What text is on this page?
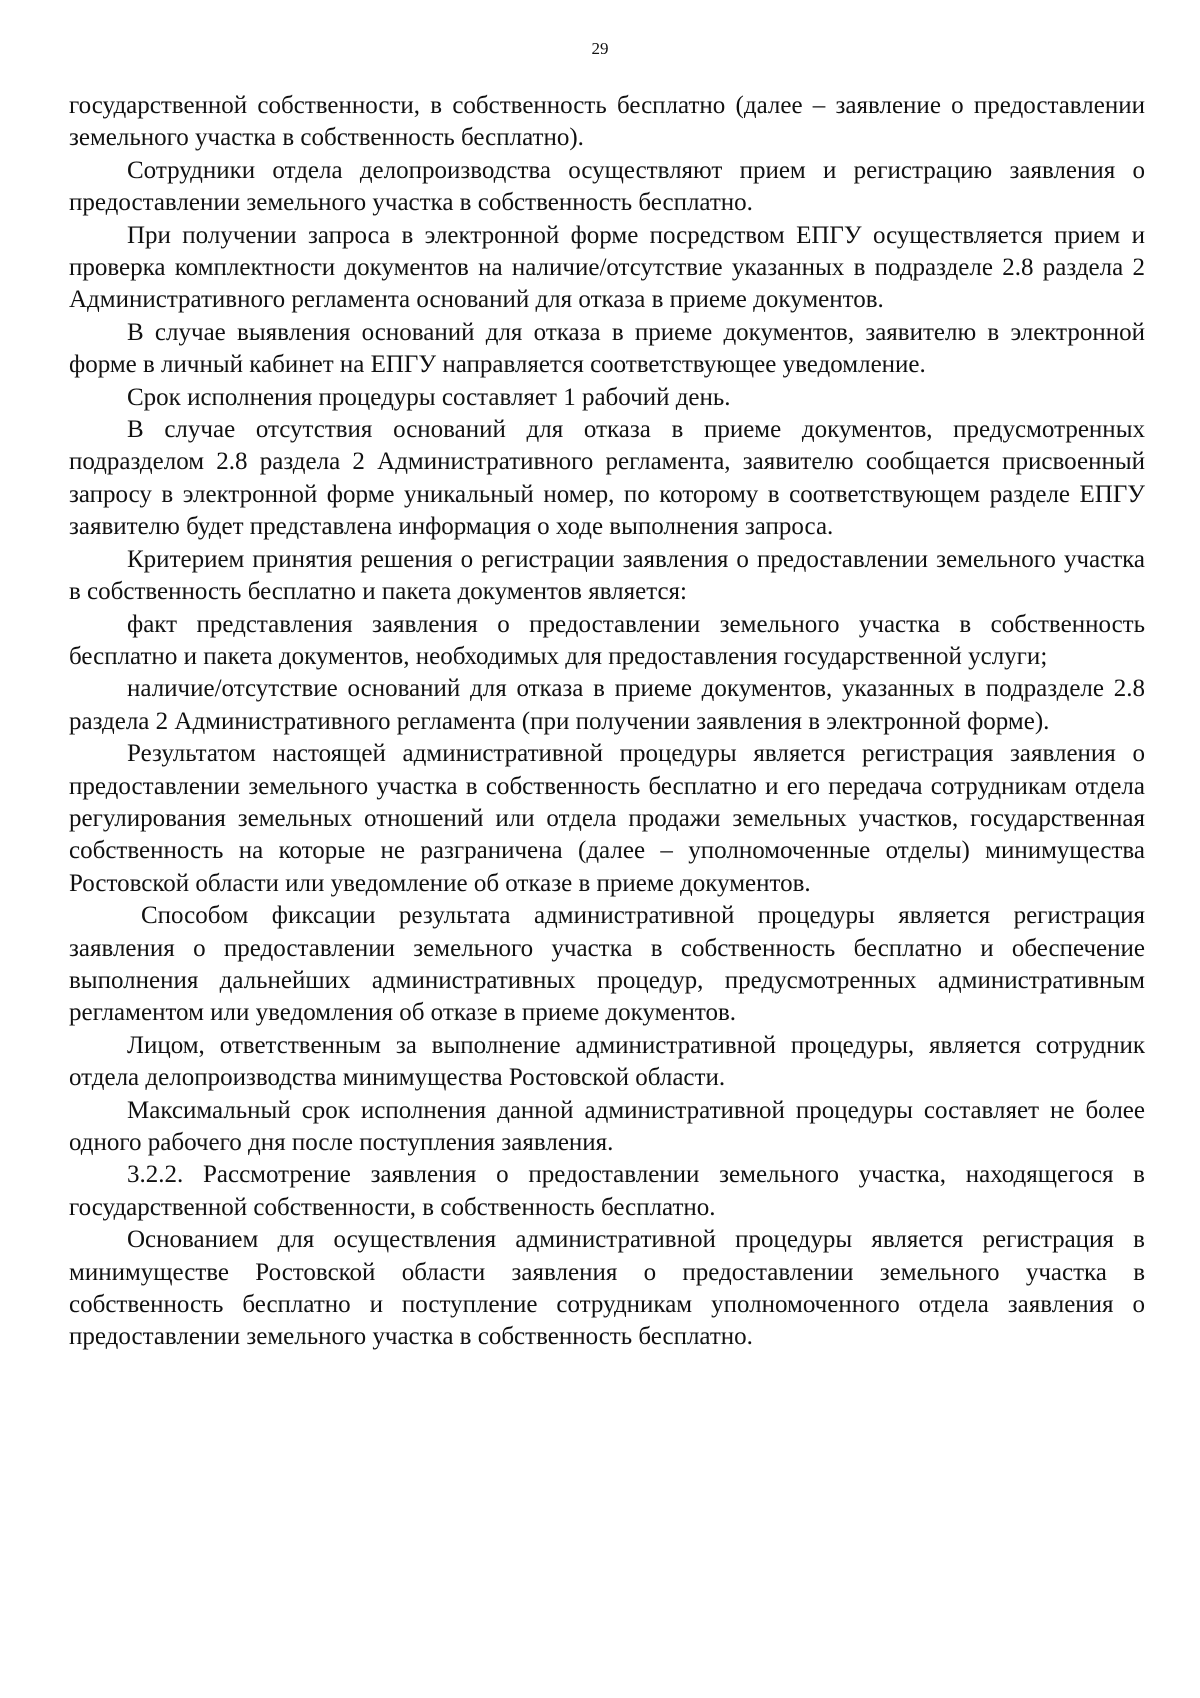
29

государственной собственности, в собственность бесплатно (далее – заявление о предоставлении земельного участка в собственность бесплатно).

Сотрудники отдела делопроизводства осуществляют прием и регистрацию заявления о предоставлении земельного участка в собственность бесплатно.

При получении запроса в электронной форме посредством ЕПГУ осуществляется прием и проверка комплектности документов на наличие/отсутствие указанных в подразделе 2.8 раздела 2 Административного регламента оснований для отказа в приеме документов.

В случае выявления оснований для отказа в приеме документов, заявителю в электронной форме в личный кабинет на ЕПГУ направляется соответствующее уведомление.

Срок исполнения процедуры составляет 1 рабочий день.

В случае отсутствия оснований для отказа в приеме документов, предусмотренных подразделом 2.8 раздела 2 Административного регламента, заявителю сообщается присвоенный запросу в электронной форме уникальный номер, по которому в соответствующем разделе ЕПГУ заявителю будет представлена информация о ходе выполнения запроса.

Критерием принятия решения о регистрации заявления о предоставлении земельного участка в собственность бесплатно и пакета документов является:

факт представления заявления о предоставлении земельного участка в собственность бесплатно и пакета документов, необходимых для предоставления государственной услуги;

наличие/отсутствие оснований для отказа в приеме документов, указанных в подразделе 2.8 раздела 2 Административного регламента (при получении заявления в электронной форме).

Результатом настоящей административной процедуры является регистрация заявления о предоставлении земельного участка в собственность бесплатно и его передача сотрудникам отдела регулирования земельных отношений или отдела продажи земельных участков, государственная собственность на которые не разграничена (далее – уполномоченные отделы) минимущества Ростовской области или уведомление об отказе в приеме документов.

Способом фиксации результата административной процедуры является регистрация заявления о предоставлении земельного участка в собственность бесплатно и обеспечение выполнения дальнейших административных процедур, предусмотренных административным регламентом или уведомления об отказе в приеме документов.

Лицом, ответственным за выполнение административной процедуры, является сотрудник отдела делопроизводства минимущества Ростовской области.

Максимальный срок исполнения данной административной процедуры составляет не более одного рабочего дня после поступления заявления.

3.2.2. Рассмотрение заявления о предоставлении земельного участка, находящегося в государственной собственности, в собственность бесплатно.

Основанием для осуществления административной процедуры является регистрация в минимуществе Ростовской области заявления о предоставлении земельного участка в собственность бесплатно и поступление сотрудникам уполномоченного отдела заявления о предоставлении земельного участка в собственность бесплатно.
